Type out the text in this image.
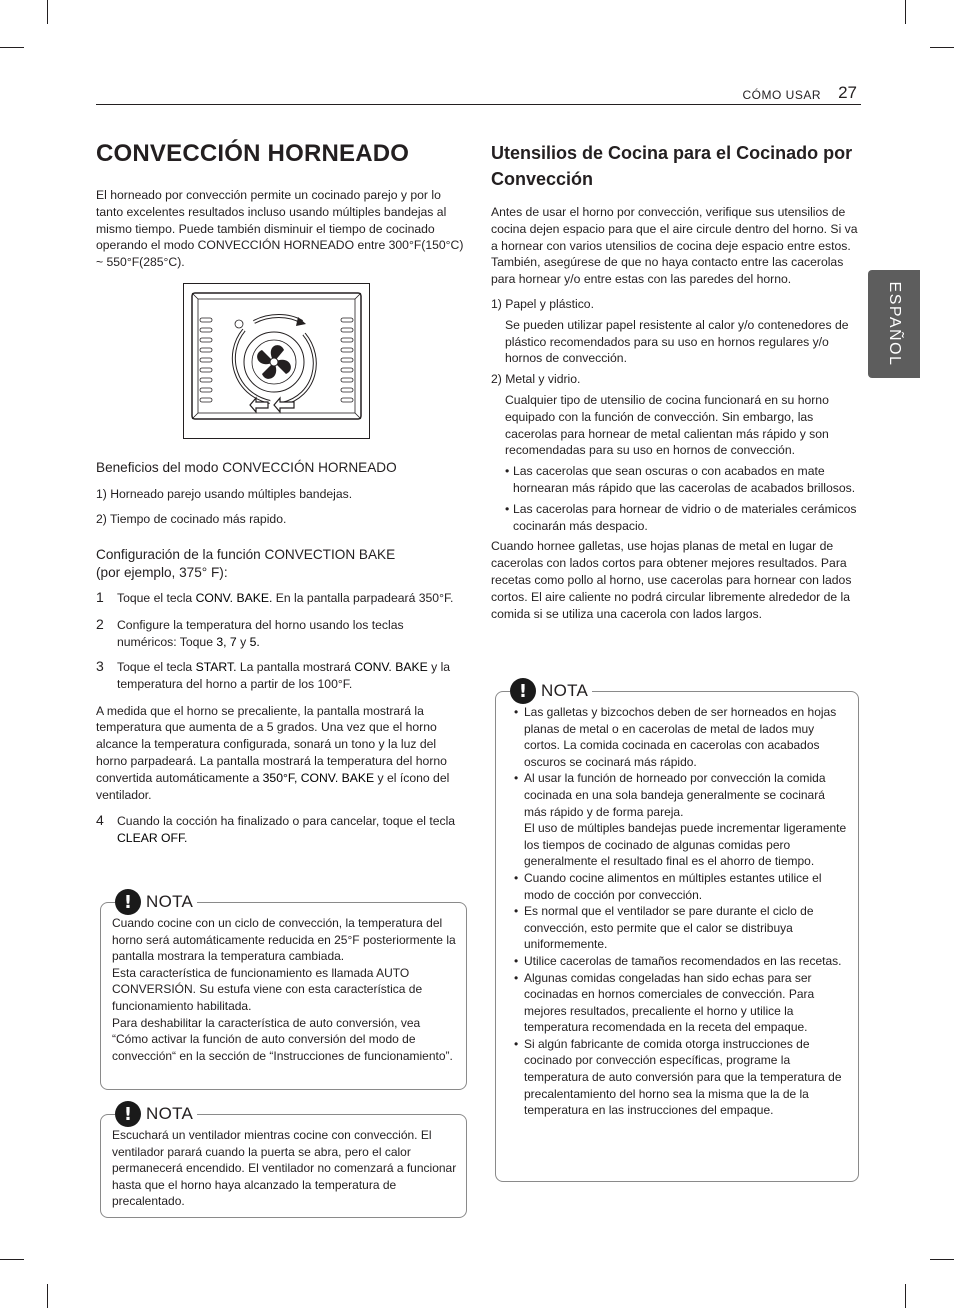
CÓMO USAR 27
ESPAÑOL
CONVECCIÓN HORNEADO

El horneado por convección permite un cocinado parejo y por lo tanto excelentes resultados incluso usando múltiples bandejas al mismo tiempo. Puede también disminuir el tiempo de cocinado operando el modo CONVECCIÓN HORNEADO entre 300°F(150°C) ~ 550°F(285°C).

Beneficios del modo CONVECCIÓN HORNEADO

1) Horneado parejo usando múltiples bandejas.

2) Tiempo de cocinado más rapido.

Configuración de la función CONVECTION BAKE

(por ejemplo, 375° F):

1 Toque el tecla CONV. BAKE. En la pantalla parpadeará 350°F.
2 Configure la temperatura del horno usando los teclas numéricos: Toque 3, 7 y 5.
3 Toque el tecla START. La pantalla mostrará CONV. BAKE y la temperatura del horno a partir de los 100°F.

A medida que el horno se precaliente, la pantalla mostrará la temperatura que aumenta de a 5 grados. Una vez que el horno alcance la temperatura configurada, sonará un tono y la luz del horno parpadeará. La pantalla mostrará la temperatura del horno convertida automáticamente a 350°F, CONV. BAKE y el ícono del ventilador.

4 Cuando la cocción ha finalizado o para cancelar, toque el tecla CLEAR OFF.
! NOTA

Cuando cocine con un ciclo de convección, la temperatura del horno será automáticamente reducida en 25°F posteriormente la pantalla mostrara la temperatura cambiada.

Esta característica de funcionamiento es llamada AUTO CONVERSIÓN. Su estufa viene con esta característica de funcionamiento habilitada.

Para deshabilitar la característica de auto conversión, vea “Cómo activar la función de auto conversión del modo de convección“ en la sección de “Instrucciones de funcionamiento”.

! NOTA

Escuchará un ventilador mientras cocine con convección. El ventilador parará cuando la puerta se abra, pero el calor permanecerá encendido. El ventilador no comenzará a funcionar hasta que el horno haya alcanzado la temperatura de precalentado.

Utensilios de Cocina para el Cocinado por Convección

Antes de usar el horno por convección, verifique sus utensilios de cocina dejen espacio para que el aire circule dentro del horno. Si va a hornear con varios utensilios de cocina deje espacio entre estos. También, asegúrese de que no haya contacto entre las cacerolas para hornear y/o entre estas con las paredes del horno.

1) Papel y plástico.

Se pueden utilizar papel resistente al calor y/o contenedores de plástico recomendados para su uso en hornos regulares y/o hornos de convección.

2) Metal y vidrio.

Cualquier tipo de utensilio de cocina funcionará en su horno equipado con la función de convección. Sin embargo, las cacerolas para hornear de metal calientan más rápido y son recomendadas para su uso en hornos de convección.

• Las cacerolas que sean oscuras o con acabados en mate hornearan más rápido que las cacerolas de acabados brillosos.
• Las cacerolas para hornear de vidrio o de materiales cerámicos cocinarán más despacio.

Cuando hornee galletas, use hojas planas de metal en lugar de cacerolas con lados cortos para obtener mejores resultados. Para recetas como pollo al horno, use cacerolas para hornear con lados cortos. El aire caliente no podrá circular libremente alrededor de la comida si se utiliza una cacerola con lados largos.

! NOTA
• Las galletas y bizcochos deben de ser horneados en hojas planas de metal o en cacerolas de metal de lados muy cortos. La comida cocinada en cacerolas con acabados oscuros se cocinará más rápido.
• Al usar la función de horneado por convección la comida cocinada en una sola bandeja generalmente se cocinará más rápido y de forma pareja.
El uso de múltiples bandejas puede incrementar ligeramente los tiempos de cocinado de algunas comidas pero generalmente el resultado final es el ahorro de tiempo.
• Cuando cocine alimentos en múltiples estantes utilice el modo de cocción por convección.
• Es normal que el ventilador se pare durante el ciclo de convección, esto permite que el calor se distribuya uniformemente.
• Utilice cacerolas de tamaños recomendados en las recetas.
• Algunas comidas congeladas han sido echas para ser cocinadas en hornos comerciales de convección. Para mejores resultados, precaliente el horno y utilice la temperatura recomendada en la receta del empaque.
• Si algún fabricante de comida otorga instrucciones de cocinado por convección específicas, programe la temperatura de auto conversión para que la temperatura de precalentamiento del horno sea la misma que la de la temperatura en las instrucciones del empaque.
